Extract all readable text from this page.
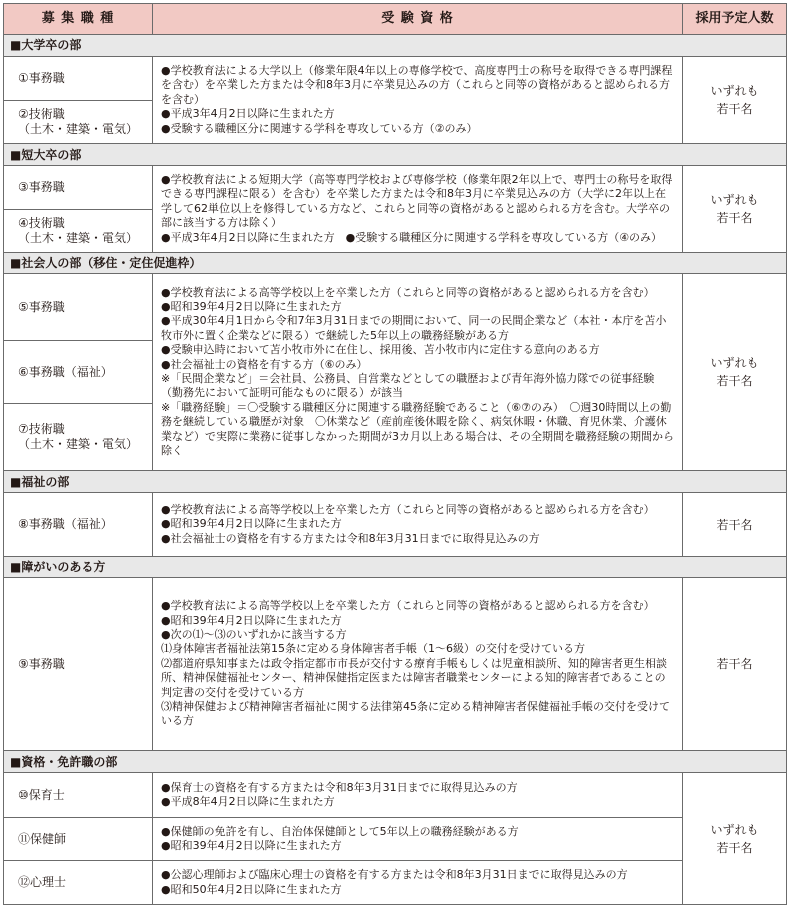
募 集 職 種	受 験 資 格	採用予定人数
■大学卒の部
①事務職
②技術職
（土木・建築・電気）
●学校教育法による大学以上（修業年限4年以上の専修学校で、高度専門士の称号を取得できる専門課程を含む）を卒業した方または令和8年3月に卒業見込みの方（これらと同等の資格があると認められる方を含む）
●平成3年4月2日以降に生まれた方
●受験する職種区分に関連する学科を専攻している方（②のみ）
いずれも
若干名
■短大卒の部
③事務職
④技術職
（土木・建築・電気）
●学校教育法による短期大学（高等専門学校および専修学校（修業年限2年以上で、専門士の称号を取得できる専門課程に限る）を含む）を卒業した方または令和8年3月に卒業見込みの方（大学に2年以上在学して62単位以上を修得している方など、これらと同等の資格があると認められる方を含む。大学卒の部に該当する方は除く）
●平成3年4月2日以降に生まれた方　●受験する職種区分に関連する学科を専攻している方（④のみ）
いずれも
若干名
■社会人の部（移住・定住促進枠）
⑤事務職
⑥事務職（福祉）
⑦技術職
（土木・建築・電気）
●学校教育法による高等学校以上を卒業した方（これらと同等の資格があると認められる方を含む）
●昭和39年4月2日以降に生まれた方
●平成30年4月1日から令和7年3月31日までの期間において、同一の民間企業など（本社・本庁を苫小牧市外に置く企業などに限る）で継続した5年以上の職務経験がある方
●受験申込時において苫小牧市外に在住し、採用後、苫小牧市内に定住する意向のある方
●社会福祉士の資格を有する方（⑥のみ）
※「民間企業など」＝会社員、公務員、自営業などとしての職歴および青年海外協力隊での従事経験（勤務先において証明可能なものに限る）が該当
※「職務経験」＝〇受験する職種区分に関連する職務経験であること（⑥⑦のみ）　〇週30時間以上の勤務を継続している職歴が対象　〇休業など（産前産後休暇を除く、病気休暇・休職、育児休業、介護休業など）で実際に業務に従事しなかった期間が3カ月以上ある場合は、その全期間を職務経験の期間から除く
いずれも
若干名
■福祉の部
⑧事務職（福祉）
●学校教育法による高等学校以上を卒業した方（これらと同等の資格があると認められる方を含む）
●昭和39年4月2日以降に生まれた方
●社会福祉士の資格を有する方または令和8年3月31日までに取得見込みの方
若干名
■障がいのある方
⑨事務職
●学校教育法による高等学校以上を卒業した方（これらと同等の資格があると認められる方を含む）
●昭和39年4月2日以降に生まれた方
●次の⑴～⑶のいずれかに該当する方
⑴身体障害者福祉法第15条に定める身体障害者手帳（1～6級）の交付を受けている方
⑵都道府県知事または政令指定都市市長が交付する療育手帳もしくは児童相談所、知的障害者更生相談所、精神保健福祉センター、精神保健指定医または障害者職業センターによる知的障害者であることの判定書の交付を受けている方
⑶精神保健および精神障害者福祉に関する法律第45条に定める精神障害者保健福祉手帳の交付を受けている方
若干名
■資格・免許職の部
⑩保育士
●保育士の資格を有する方または令和8年3月31日までに取得見込みの方
●平成8年4月2日以降に生まれた方
⑪保健師
●保健師の免許を有し、自治体保健師として5年以上の職務経験がある方
●昭和39年4月2日以降に生まれた方
⑫心理士
●公認心理師および臨床心理士の資格を有する方または令和8年3月31日までに取得見込みの方
●昭和50年4月2日以降に生まれた方
いずれも
若干名
